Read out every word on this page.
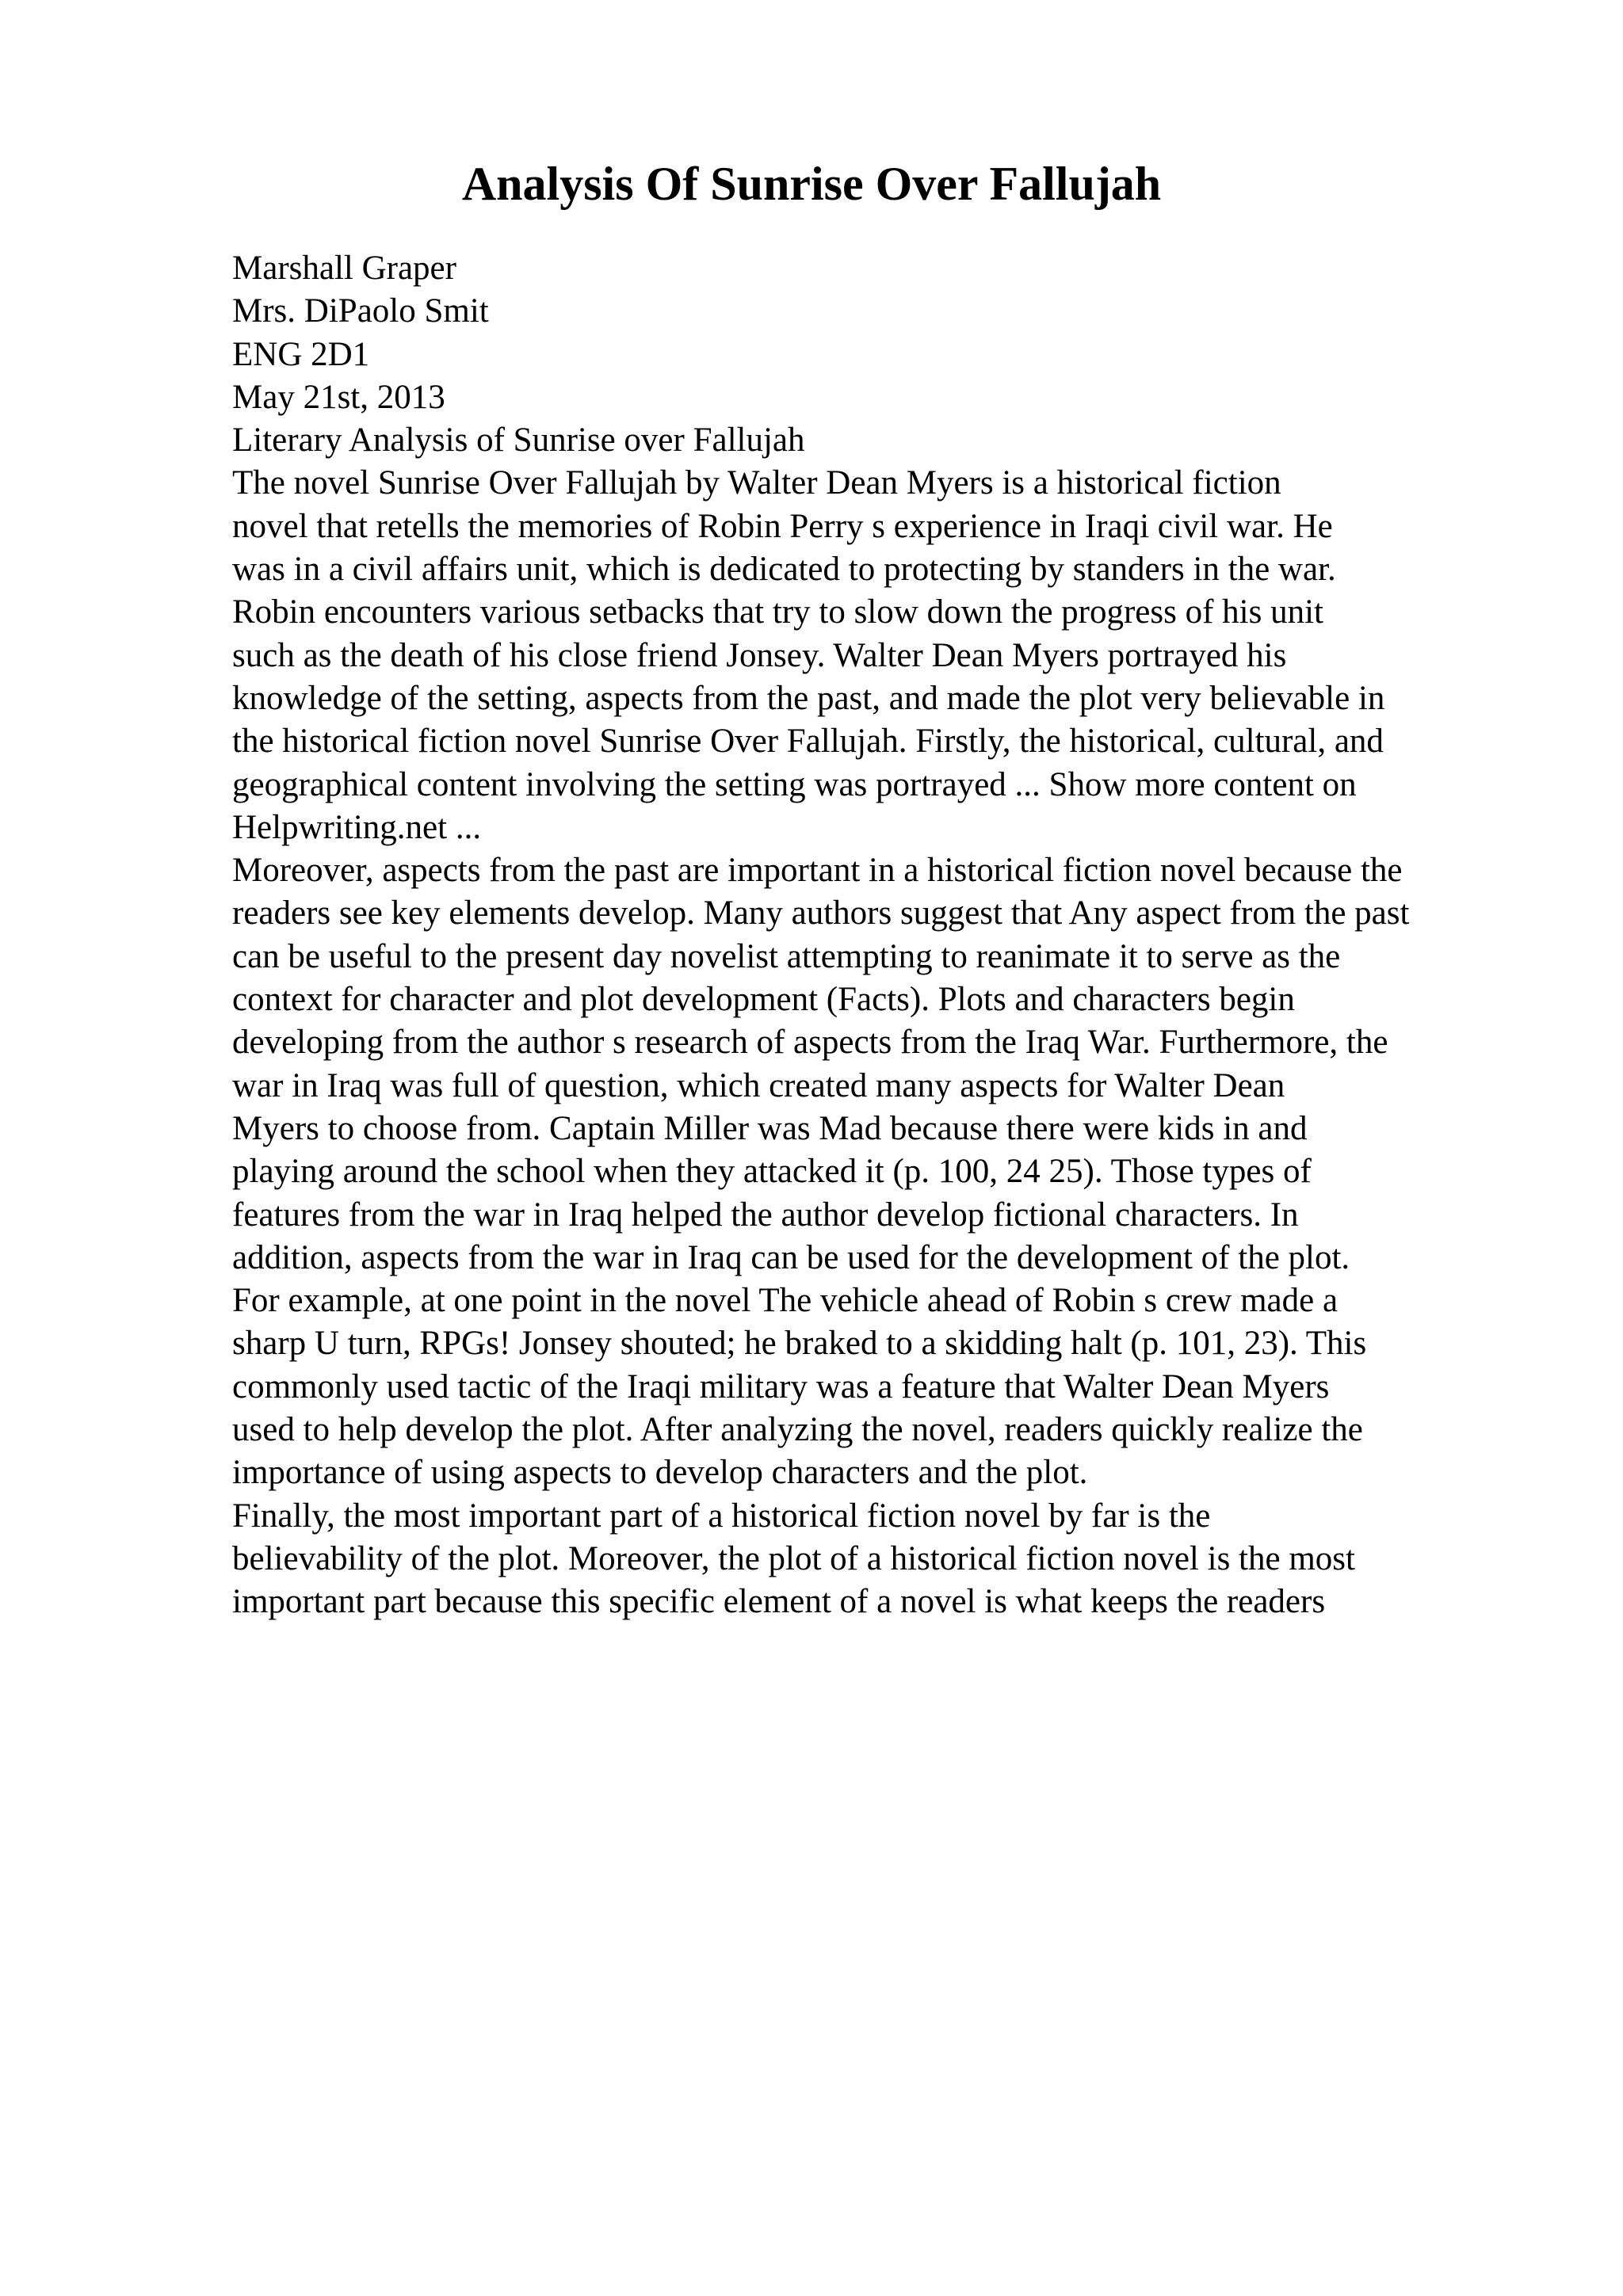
Analysis Of Sunrise Over Fallujah
Marshall Graper
Mrs. DiPaolo Smit
ENG 2D1
May 21st, 2013
Literary Analysis of Sunrise over Fallujah
The novel Sunrise Over Fallujah by Walter Dean Myers is a historical fiction
novel that retells the memories of Robin Perry s experience in Iraqi civil war. He
was in a civil affairs unit, which is dedicated to protecting by standers in the war.
Robin encounters various setbacks that try to slow down the progress of his unit
such as the death of his close friend Jonsey. Walter Dean Myers portrayed his
knowledge of the setting, aspects from the past, and made the plot very believable in
the historical fiction novel Sunrise Over Fallujah. Firstly, the historical, cultural, and
geographical content involving the setting was portrayed ... Show more content on
Helpwriting.net ...
Moreover, aspects from the past are important in a historical fiction novel because the
readers see key elements develop. Many authors suggest that Any aspect from the past
can be useful to the present day novelist attempting to reanimate it to serve as the
context for character and plot development (Facts). Plots and characters begin
developing from the author s research of aspects from the Iraq War. Furthermore, the
war in Iraq was full of question, which created many aspects for Walter Dean
Myers to choose from. Captain Miller was Mad because there were kids in and
playing around the school when they attacked it (p. 100, 24 25). Those types of
features from the war in Iraq helped the author develop fictional characters. In
addition, aspects from the war in Iraq can be used for the development of the plot.
For example, at one point in the novel The vehicle ahead of Robin s crew made a
sharp U turn, RPGs! Jonsey shouted; he braked to a skidding halt (p. 101, 23). This
commonly used tactic of the Iraqi military was a feature that Walter Dean Myers
used to help develop the plot. After analyzing the novel, readers quickly realize the
importance of using aspects to develop characters and the plot.
Finally, the most important part of a historical fiction novel by far is the
believability of the plot. Moreover, the plot of a historical fiction novel is the most
important part because this specific element of a novel is what keeps the readers
